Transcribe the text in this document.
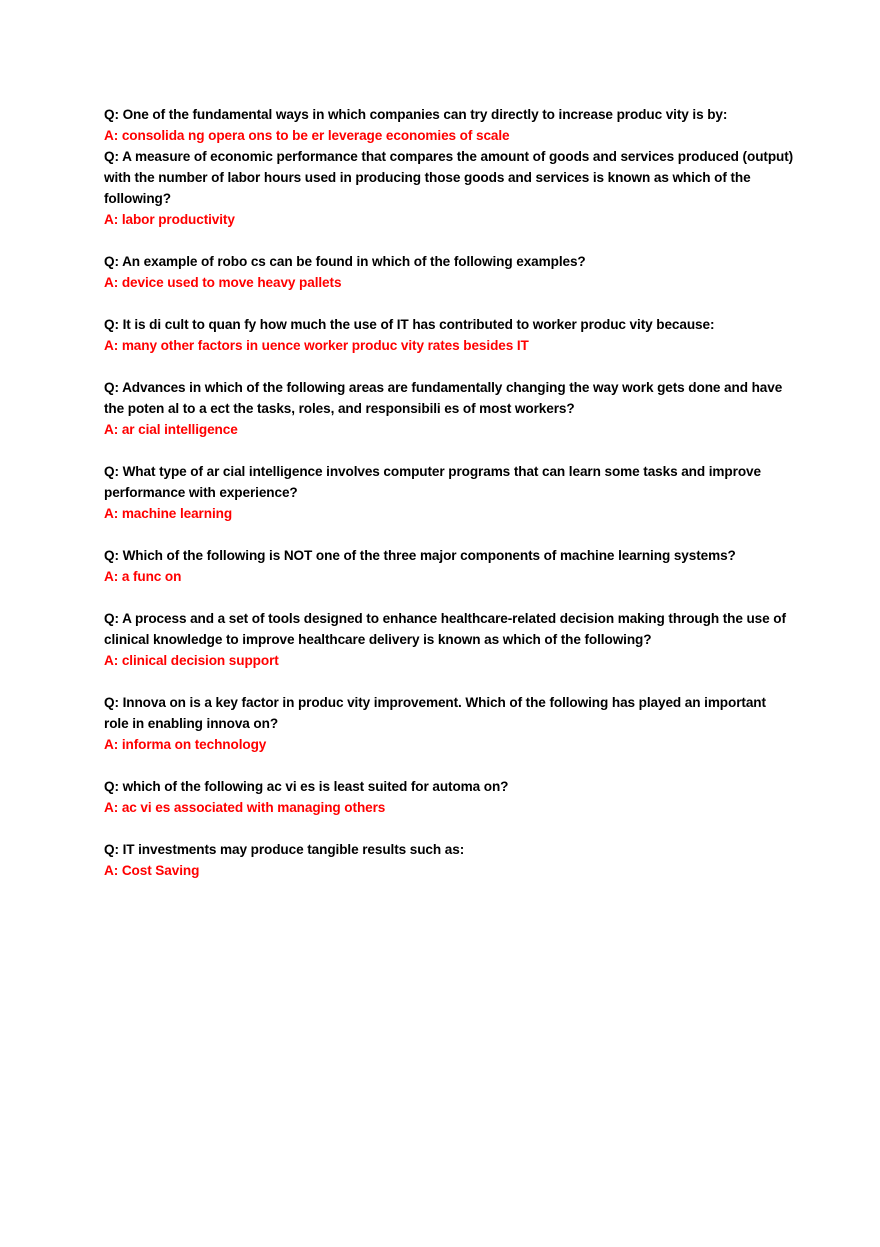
Q: One of the fundamental ways in which companies can try directly to increase produc vity is by:

A: consolida ng opera ons to be er leverage economies of scale

Q: A measure of economic performance that compares the amount of goods and services produced (output) with the number of labor hours used in producing those goods and services is known as which of the following?

A: labor productivity

Q: An example of robo cs can be found in which of the following examples?

A: device used to move heavy pallets

Q: It is di cult to quan fy how much the use of IT has contributed to worker produc vity because:

A: many other factors in uence worker produc vity rates besides IT

Q: Advances in which of the following areas are fundamentally changing the way work gets done and have the poten al to a ect the tasks, roles, and responsibili es of most workers?

A: ar cial intelligence

Q: What type of ar cial intelligence involves computer programs that can learn some tasks and improve performance with experience?

A: machine learning

Q: Which of the following is NOT one of the three major components of machine learning systems?

A: a func on

Q: A process and a set of tools designed to enhance healthcare-related decision making through the use of clinical knowledge to improve healthcare delivery is known as which of the following?

A: clinical decision support

Q: Innova on is a key factor in produc vity improvement. Which of the following has played an important role in enabling innova on?

A: informa on technology

Q: which of the following ac vi es is least suited for automa on?

A: ac vi es associated with managing others

Q: IT investments may produce tangible results such as:

A: Cost Saving
